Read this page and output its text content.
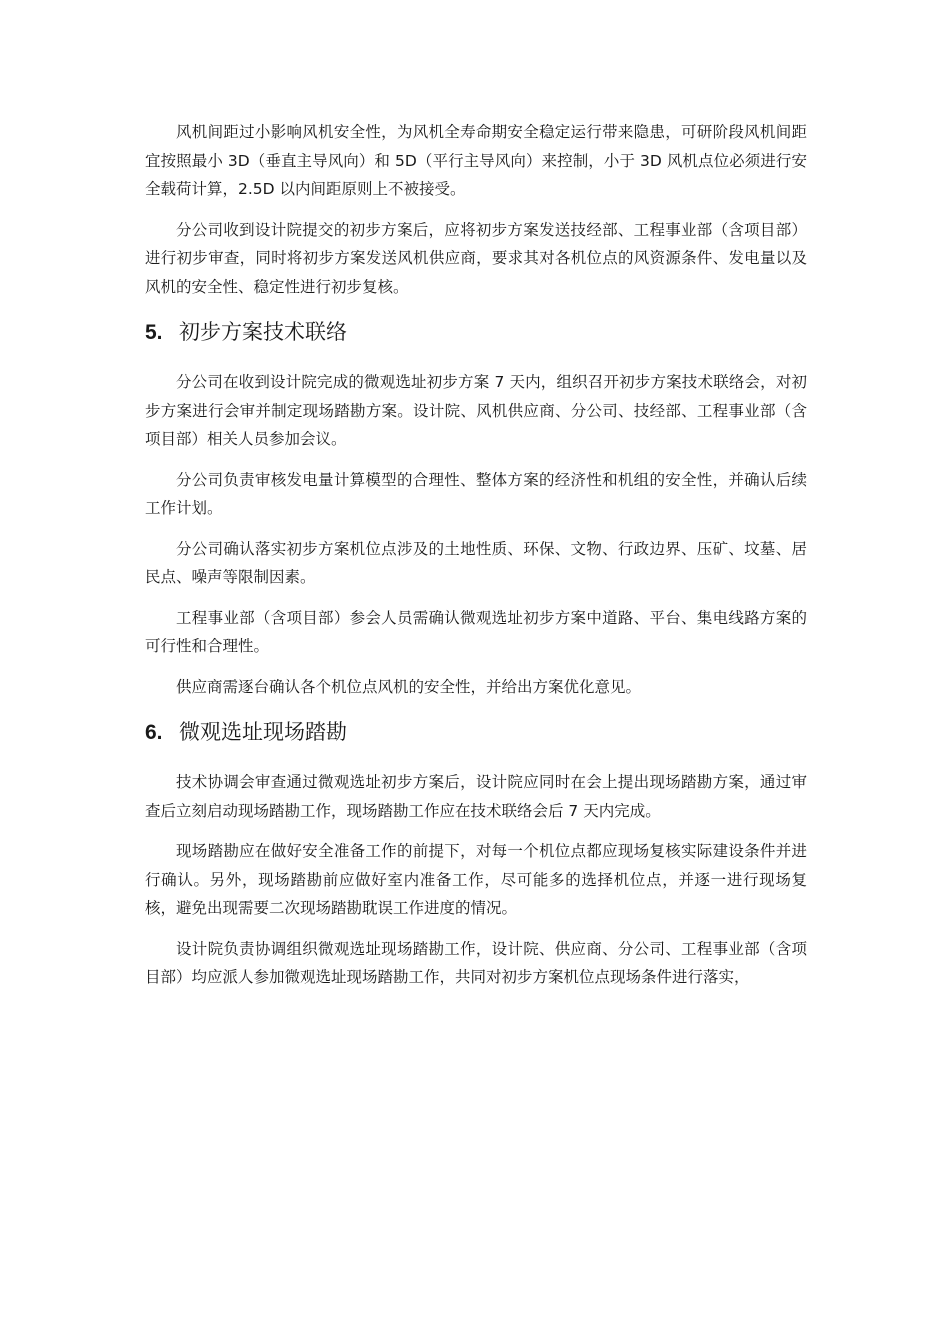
风机间距过小影响风机安全性，为风机全寿命期安全稳定运行带来隐患，可研阶段风机间距宜按照最小 3D（垂直主导风向）和 5D（平行主导风向）来控制，小于 3D 风机点位必须进行安全载荷计算，2.5D 以内间距原则上不被接受。

分公司收到设计院提交的初步方案后，应将初步方案发送技经部、工程事业部（含项目部）进行初步审查，同时将初步方案发送风机供应商，要求其对各机位点的风资源条件、发电量以及风机的安全性、稳定性进行初步复核。

5. 初步方案技术联络

分公司在收到设计院完成的微观选址初步方案 7 天内，组织召开初步方案技术联络会，对初步方案进行会审并制定现场踏勘方案。设计院、风机供应商、分公司、技经部、工程事业部（含项目部）相关人员参加会议。

分公司负责审核发电量计算模型的合理性、整体方案的经济性和机组的安全性，并确认后续工作计划。

分公司确认落实初步方案机位点涉及的土地性质、环保、文物、行政边界、压矿、坟墓、居民点、噪声等限制因素。

工程事业部（含项目部）参会人员需确认微观选址初步方案中道路、平台、集电线路方案的可行性和合理性。

供应商需逐台确认各个机位点风机的安全性，并给出方案优化意见。

6. 微观选址现场踏勘

技术协调会审查通过微观选址初步方案后，设计院应同时在会上提出现场踏勘方案，通过审查后立刻启动现场踏勘工作，现场踏勘工作应在技术联络会后 7 天内完成。

现场踏勘应在做好安全准备工作的前提下，对每一个机位点都应现场复核实际建设条件并进行确认。另外，现场踏勘前应做好室内准备工作，尽可能多的选择机位点，并逐一进行现场复核，避免出现需要二次现场踏勘耽误工作进度的情况。

设计院负责协调组织微观选址现场踏勘工作，设计院、供应商、分公司、工程事业部（含项目部）均应派人参加微观选址现场踏勘工作，共同对初步方案机位点现场条件进行落实，
